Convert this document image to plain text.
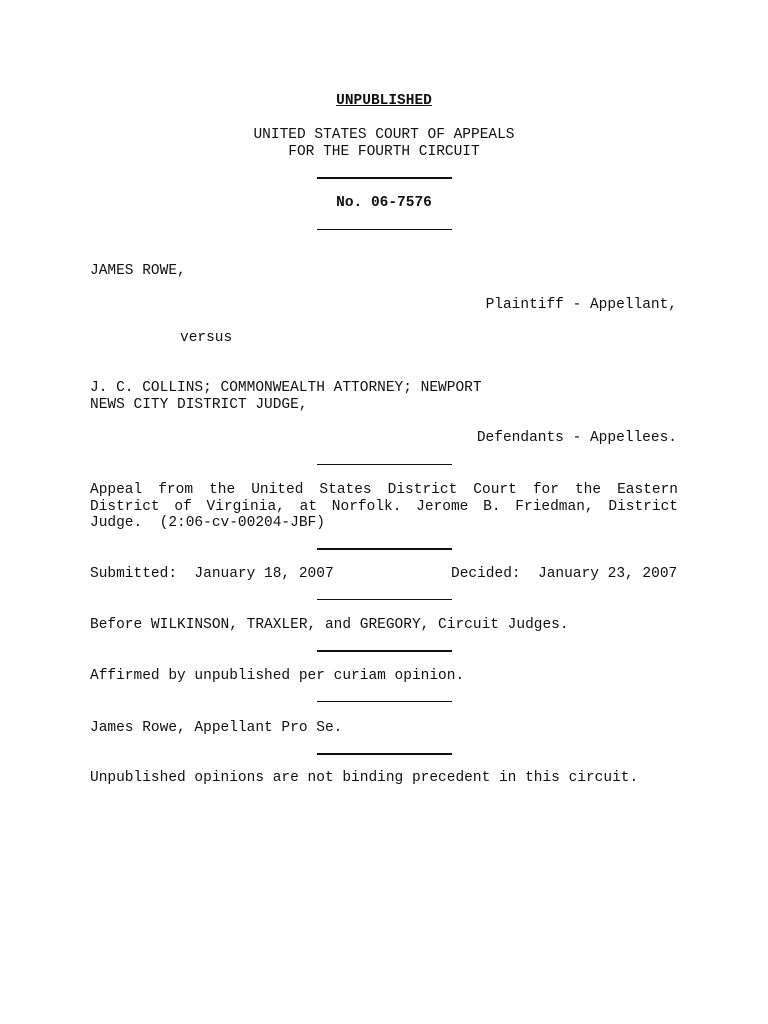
UNPUBLISHED
UNITED STATES COURT OF APPEALS
FOR THE FOURTH CIRCUIT
No. 06-7576
JAMES ROWE,
Plaintiff - Appellant,
versus
J. C. COLLINS; COMMONWEALTH ATTORNEY; NEWPORT
NEWS CITY DISTRICT JUDGE,
Defendants - Appellees.
Appeal from the United States District Court for the Eastern
District of Virginia, at Norfolk. Jerome B. Friedman, District
Judge.  (2:06-cv-00204-JBF)
Submitted:  January 18, 2007	Decided:  January 23, 2007
Before WILKINSON, TRAXLER, and GREGORY, Circuit Judges.
Affirmed by unpublished per curiam opinion.
James Rowe, Appellant Pro Se.
Unpublished opinions are not binding precedent in this circuit.
